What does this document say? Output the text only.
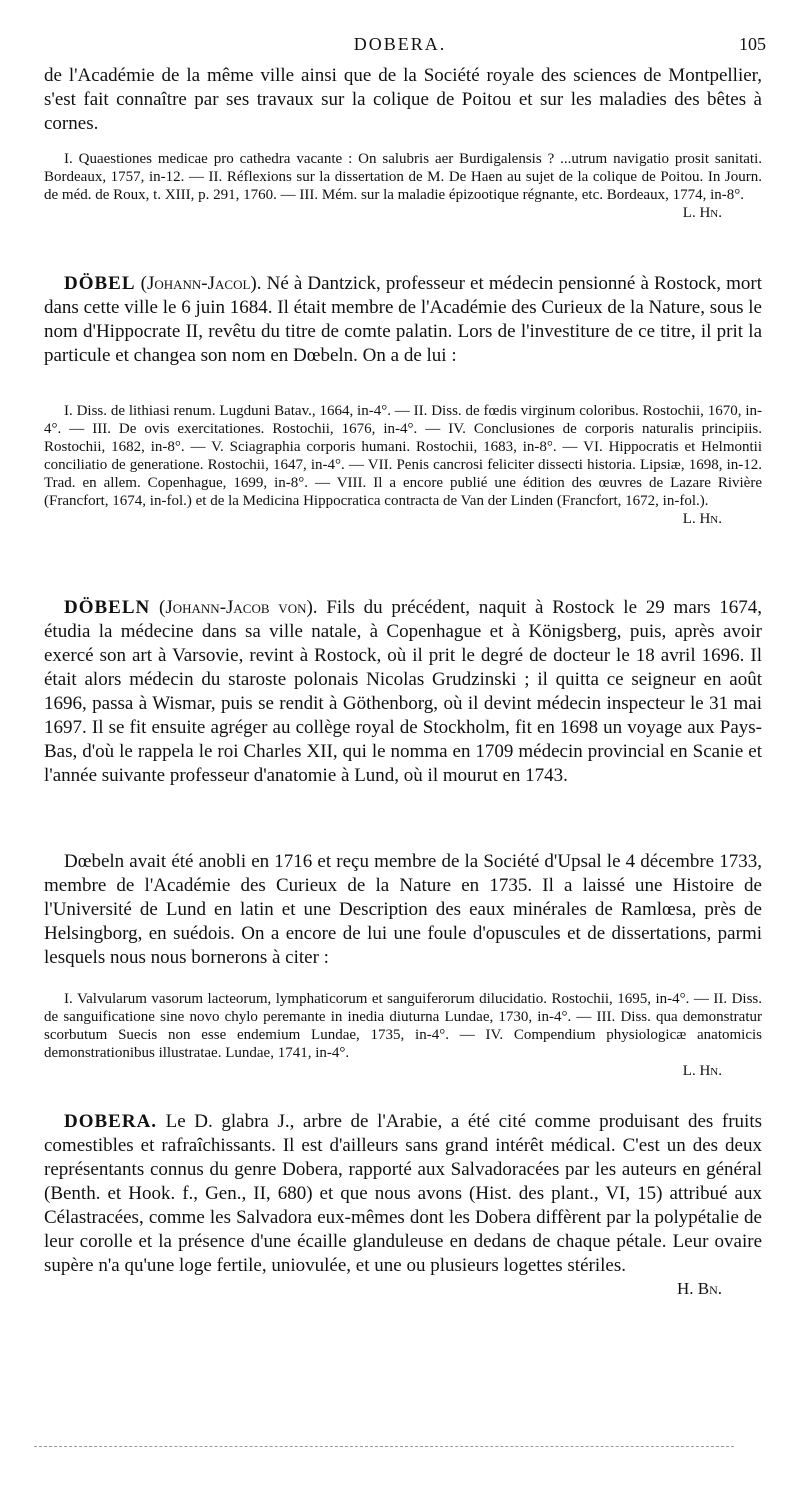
DOBERA.	105

de l'Académie de la même ville ainsi que de la Société royale des sciences de Montpellier, s'est fait connaître par ses travaux sur la colique de Poitou et sur les maladies des bêtes à cornes.

I. Quaestiones medicae pro cathedra vacante : On salubris aer Burdigalensis ? ...utrum navigatio prosit sanitati. Bordeaux, 1757, in-12. — II. Réflexions sur la dissertation de M. De Haen au sujet de la colique de Poitou. In Journ. de méd. de Roux, t. XIII, p. 291, 1760. — III. Mém. sur la maladie épizootique régnante, etc. Bordeaux, 1774, in-8°.
L. Hn.

DÖBEL (Johann-Jacol). Né à Dantzick, professeur et médecin pensionné à Rostock, mort dans cette ville le 6 juin 1684. Il était membre de l'Académie des Curieux de la Nature, sous le nom d'Hippocrate II, revêtu du titre de comte palatin. Lors de l'investiture de ce titre, il prit la particule et changea son nom en Dœbeln. On a de lui :

I. Diss. de lithiasi renum. Lugduni Batav., 1664, in-4°. — II. Diss. de fœdis virginum coloribus. Rostochii, 1670, in-4°. — III. De ovis exercitationes. Rostochii, 1676, in-4°. — IV. Conclusiones de corporis naturalis principiis. Rostochii, 1682, in-8°. — V. Sciagraphia corporis humani. Rostochii, 1683, in-8°. — VI. Hippocratis et Helmontii conciliatio de generatione. Rostochii, 1647, in-4°. — VII. Penis cancrosi feliciter dissecti historia. Lipsiæ, 1698, in-12. Trad. en allem. Copenhague, 1699, in-8°. — VIII. Il a encore publié une édition des œuvres de Lazare Rivière (Francfort, 1674, in-fol.) et de la Medicina Hippocratica contracta de Van der Linden (Francfort, 1672, in-fol.).
L. Hn.

DÖBELN (Johann-Jacob von). Fils du précédent, naquit à Rostock le 29 mars 1674, étudia la médecine dans sa ville natale, à Copenhague et à Königsberg, puis, après avoir exercé son art à Varsovie, revint à Rostock, où il prit le degré de docteur le 18 avril 1696. Il était alors médecin du staroste polonais Nicolas Grudzinski ; il quitta ce seigneur en août 1696, passa à Wismar, puis se rendit à Göthenborg, où il devint médecin inspecteur le 31 mai 1697. Il se fit ensuite agréger au collège royal de Stockholm, fit en 1698 un voyage aux Pays-Bas, d'où le rappela le roi Charles XII, qui le nomma en 1709 médecin provincial en Scanie et l'année suivante professeur d'anatomie à Lund, où il mourut en 1743.

Dœbeln avait été anobli en 1716 et reçu membre de la Société d'Upsal le 4 décembre 1733, membre de l'Académie des Curieux de la Nature en 1735. Il a laissé une Histoire de l'Université de Lund en latin et une Description des eaux minérales de Ramlœsa, près de Helsingborg, en suédois. On a encore de lui une foule d'opuscules et de dissertations, parmi lesquels nous nous bornerons à citer :

I. Valvularum vasorum lacteorum, lymphaticorum et sanguiferorum dilucidatio. Rostochii, 1695, in-4°. — II. Diss. de sanguificatione sine novo chylo peremante in inedia diuturna Lundae, 1730, in-4°. — III. Diss. qua demonstratur scorbutum Suecis non esse endemium Lundae, 1735, in-4°. — IV. Compendium physiologicæ anatomicis demonstrationibus illustratae. Lundae, 1741, in-4°.
L. Hn.

DOBERA. Le D. glabra J., arbre de l'Arabie, a été cité comme produisant des fruits comestibles et rafraîchissants. Il est d'ailleurs sans grand intérêt médical. C'est un des deux représentants connus du genre Dobera, rapporté aux Salvadoracées par les auteurs en général (Benth. et Hook. f., Gen., II, 680) et que nous avons (Hist. des plant., VI, 15) attribué aux Célastracées, comme les Salvadora eux-mêmes dont les Dobera diffèrent par la polypétalie de leur corolle et la présence d'une écaille glanduleuse en dedans de chaque pétale. Leur ovaire supère n'a qu'une loge fertile, uniovulée, et une ou plusieurs logettes stériles.
H. Bn.
